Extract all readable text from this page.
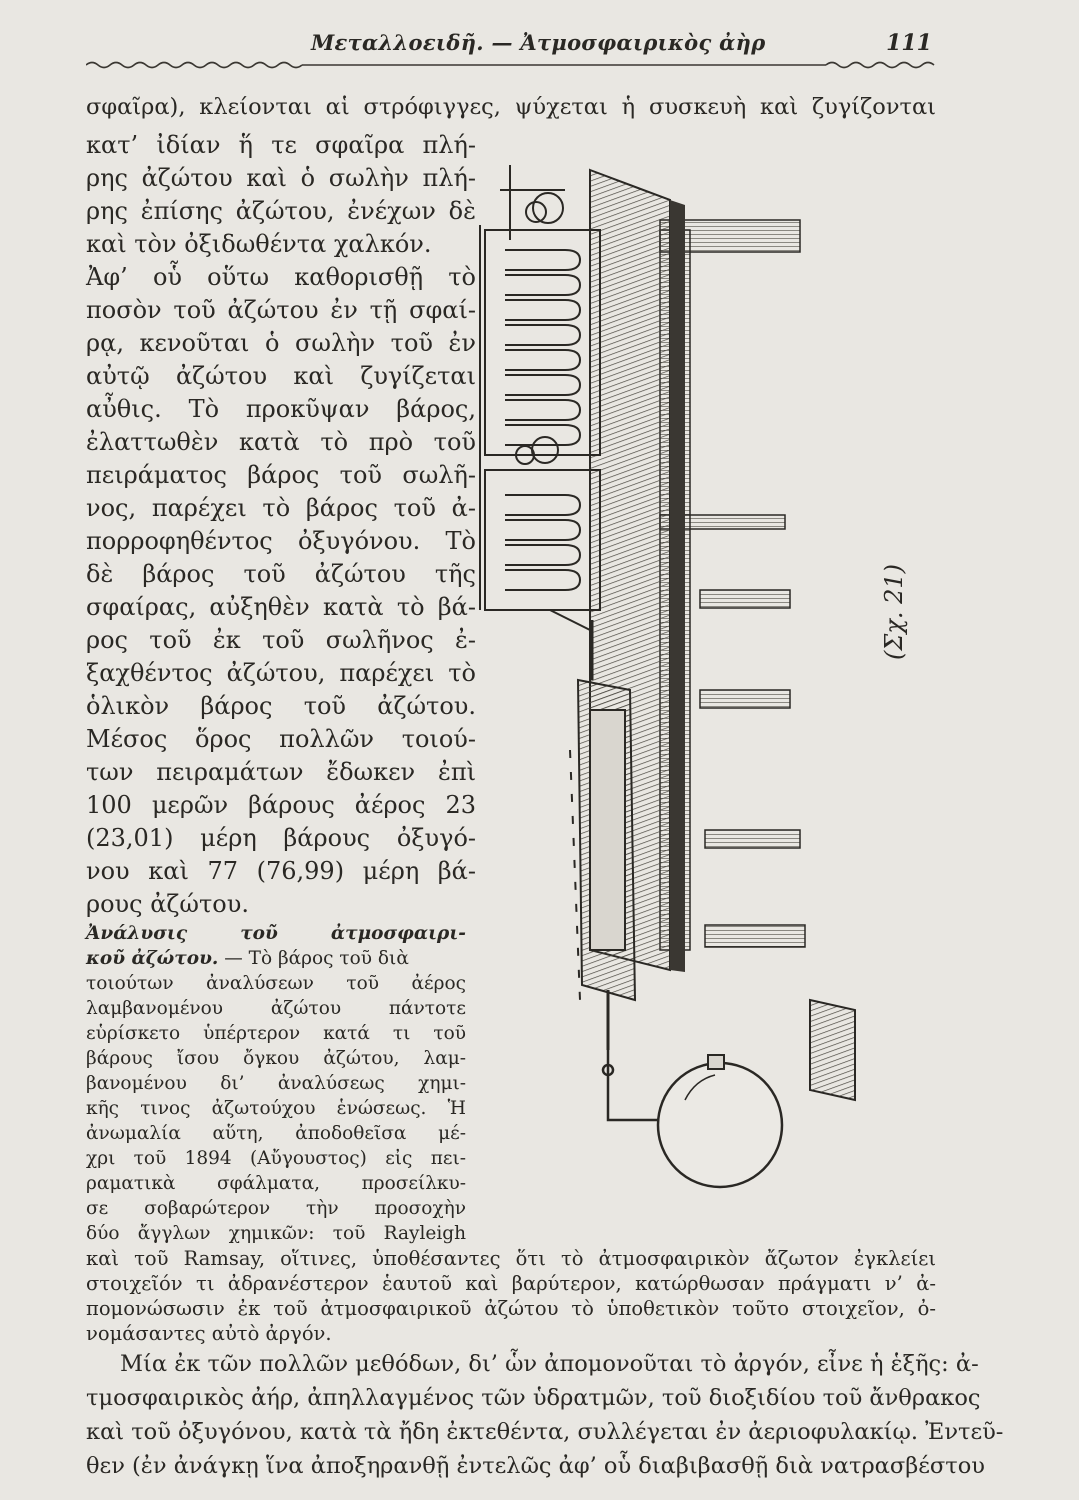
Μεταλλοειδῆ. — Ἀτμοσφαιρικὸς ἀὴρ	111
σφαῖρα), κλείονται αἱ στρόφιγγες, ψύχεται ἡ συσκευὴ καὶ ζυγίζονται
κατ’ ἰδίαν ἥ τε σφαῖρα πλή-
ρης ἀζώτου καὶ ὁ σωλὴν πλή-
ρης ἐπίσης ἀζώτου, ἐνέχων δὲ
καὶ τὸν ὀξιδωθέντα χαλκόν.
Ἀφ’ οὗ οὕτω καθορισθῇ τὸ
ποσὸν τοῦ ἀζώτου ἐν τῇ σφαί-
ρᾳ, κενοῦται ὁ σωλὴν τοῦ ἐν
αὐτῷ ἀζώτου καὶ ζυγίζεται
αὖθις. Τὸ προκῦψαν βάρος,
ἐλαττωθὲν κατὰ τὸ πρὸ τοῦ
πειράματος βάρος τοῦ σωλῆ-
νος, παρέχει τὸ βάρος τοῦ ἀ-
πορροφηθέντος ὀξυγόνου. Τὸ
δὲ βάρος τοῦ ἀζώτου τῆς
σφαίρας, αὐξηθὲν κατὰ τὸ βά-
ρος τοῦ ἐκ τοῦ σωλῆνος ἐ-
ξαχθέντος ἀζώτου, παρέχει τὸ
ὁλικὸν βάρος τοῦ ἀζώτου.
Μέσος ὅρος πολλῶν τοιού-
των πειραμάτων ἔδωκεν ἐπὶ
100 μερῶν βάρους ἀέρος 23
(23,01) μέρη βάρους ὀξυγό-
νου καὶ 77 (76,99) μέρη βά-
ρους ἀζώτου.
Ἀνάλυσις τοῦ ἀτμοσφαιρι-
κοῦ ἀζώτου. — Τὸ βάρος τοῦ διὰ
τοιούτων ἀναλύσεων τοῦ ἀέρος
λαμβανομένου ἀζώτου πάντοτε
εὑρίσκετο ὑπέρτερον κατά τι τοῦ
βάρους ἴσου ὄγκου ἀζώτου, λαμ-
βανομένου δι’ ἀναλύσεως χημι-
κῆς τινος ἀζωτούχου ἑνώσεως. Ἡ
ἀνωμαλία αὕτη, ἀποδοθεῖσα μέ-
χρι τοῦ 1894 (Αὔγουστος) εἰς πει-
ραματικὰ σφάλματα, προσείλκυ-
σε σοβαρώτερον τὴν προσοχὴν
δύο ἄγγλων χημικῶν: τοῦ Rayleigh
καὶ τοῦ Ramsay, οἵτινες, ὑποθέσαντες ὅτι τὸ ἀτμοσφαιρικὸν ἄζωτον ἐγκλείει
στοιχεῖόν τι ἀδρανέστερον ἑαυτοῦ καὶ βαρύτερον, κατώρθωσαν πράγματι ν’ ἀ-
πομονώσωσιν ἐκ τοῦ ἀτμοσφαιρικοῦ ἀζώτου τὸ ὑποθετικὸν τοῦτο στοιχεῖον, ὀ-
νομάσαντες αὐτὸ ἀργόν.
Μία ἐκ τῶν πολλῶν μεθόδων, δι’ ὧν ἀπομονοῦται τὸ ἀργόν, εἶνε ἡ ἑξῆς: ἀ-
τμοσφαιρικὸς ἀήρ, ἀπηλλαγμένος τῶν ὑδρατμῶν, τοῦ διοξιδίου τοῦ ἄνθρακος
καὶ τοῦ ὀξυγόνου, κατὰ τὰ ἤδη ἐκτεθέντα, συλλέγεται ἐν ἀεριοφυλακίῳ. Ἐντεῦ-
θεν (ἐν ἀνάγκῃ ἵνα ἀποξηρανθῇ ἐντελῶς ἀφ’ οὗ διαβιβασθῇ διὰ νατρασβέστου
(Σχ. 21)
